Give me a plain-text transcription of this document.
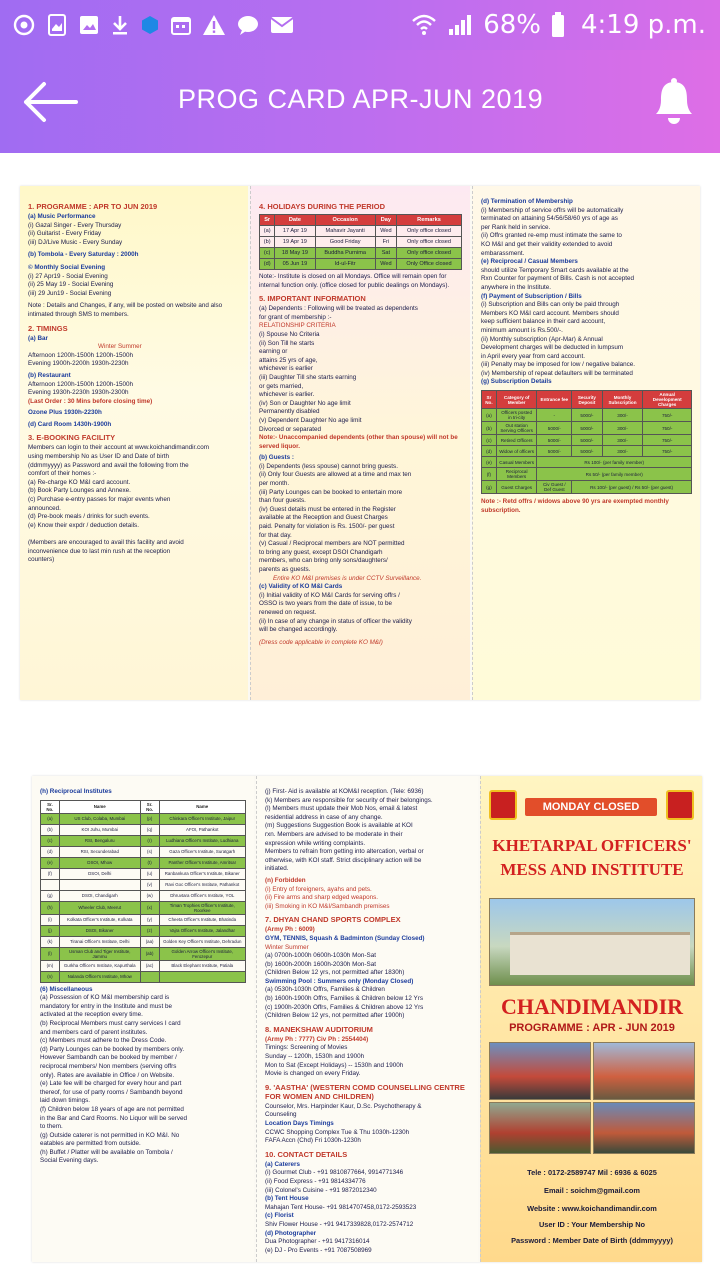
68% 4:19 p.m.
PROG CARD APR-JUN 2019
1. PROGRAMME : APR TO JUN 2019
(a) Music Performance
(i) Gazal Singer - Every Thursday
(ii) Guitarist - Every Friday
(iii) DJ/Live Music - Every Sunday
(b) Tombola - Every Saturday : 2000h
© Monthly Social Evening
(i) 27 Apr19 - Social Evening
(ii) 25 May 19 - Social Evening
(iii) 29 Jun19 - Social Evening
Note : Details and Changes, if any, will be posted on website and also intimated through SMS to members.
2. TIMINGS
(a) Bar
Winter Summer
Afternoon 1200h-1500h 1200h-1500h
Evening 1900h-2200h 1930h-2230h
(b) Restaurant
Afternoon 1200h-1500h 1200h-1500h
Evening 1930h-2230h 1930h-2300h
(Last Order : 30 Mins before closing time)
Ozone Plus 1930h-2230h
(d) Card Room 1430h-1900h
3. E-BOOKING FACILITY
Members can login to their account at www.koichandimandir.com
using membership No as User ID and Date of birth
(ddmmyyyy) as Password and avail the following from the
comfort of their homes :-
(a) Re-charge KO M&I card account.
(b) Book Party Lounges and Annexe.
(c) Purchase e-entry passes for major events when
announced.
(d) Pre-book meals / drinks for such events.
(e) Know their expdr / deduction details.

(Members are encouraged to avail this facility and avoid
inconvenience due to last min rush at the reception
counters)
4. HOLIDAYS DURING THE PERIOD
Sr	Date	Occasion	Day	Remarks
(a)	17 Apr 19	Mahavir Jayanti	Wed	Only office closed
(b)	19 Apr 19	Good Friday	Fri	Only office closed
(c)	18 May 19	Buddha Purnima	Sat	Only office closed
(d)	05 Jun 19	Id-ul-Fitr	Wed	Only Office closed
Note:- Institute is closed on all Mondays. Office will remain open for internal function only. (office closed for public dealings on Mondays).
5. IMPORTANT INFORMATION
(a) Dependents : Following will be treated as dependents
for grant of membership :-
RELATIONSHIP CRITERIA
(i) Spouse No Criteria
(ii) Son Till he starts
earning or
attains 25 yrs of age,
whichever is earlier
(iii) Daughter Till she starts earning
or gets married,
whichever is earlier.
(iv) Son or Daughter No age limit
Permanently disabled
(v) Dependent Daughter No age limit
Divorced or separated
Note:- Unaccompanied dependents (other than spouse) will not be served liquor.
(b) Guests :
(i) Dependents (less spouse) cannot bring guests.
(ii) Only four Guests are allowed at a time and max ten
per month.
(iii) Party Lounges can be booked to entertain more
than four guests.
(iv) Guest details must be entered in the Register
available at the Reception and Guest Charges
paid. Penalty for violation is Rs. 1500/- per guest
for that day.
(v) Casual / Reciprocal members are NOT permitted
to bring any guest, except DSOI Chandigarh
members, who can bring only sons/daughters/
parents as guests.
Entire KO M&I premises is under CCTV Surveillance.
(c) Validity of KO M&I Cards
(i) Initial validity of KO M&I Cards for serving offrs /
OSSO is two years from the date of issue, to be
renewed on request.
(ii) In case of any change in status of officer the validity
will be changed accordingly.
(Dress code applicable in complete KO M&I)
(d) Termination of Membership
(i) Membership of service offrs will be automatically
terminated on attaining 54/56/58/60 yrs of age as
per Rank held in service.
(ii) Offrs granted re-emp must intimate the same to
KO M&I and get their validity extended to avoid
embarassment.
(e) Reciprocal / Casual Members
should utilize Temporary Smart cards available at the
Rxn Counter for payment of Bills. Cash is not accepted
anywhere in the Institute.
(f) Payment of Subscription / Bills
(i) Subscription and Bills can only be paid through
Members KO M&I card account. Members should
keep sufficient balance in their card account,
minimum amount is Rs.500/-.
(ii) Monthly subscription (Apr-Mar) & Annual
Development charges will be deducted in lumpsum
in April every year from card account.
(iii) Penalty may be imposed for low / negative balance.
(iv) Membership of repeat defaulters will be terminated
(g) Subscription Details
Sr No.	Category of Member	Entrance fee	Security Deposit	Monthly Subscription	Annual Development Charges
(a)	Officers posted in tri-city	-	5000/-	300/-	750/-
(b)	Out station Serving Officers	5000/-	5000/-	300/-	750/-
(c)	Retired Officers	5000/-	5000/-	300/-	750/-
(d)	Widow of officers	5000/-	5000/-	300/-	750/-
(e)	Casual Members	Rs 100/- (per family member)			
(f)	Reciprocal Members	Rs 50/- (per family member)			
(g)	Guest Charges	Civ Guest / Def Guest	Rs 100/- (per guest) / Rs 50/- (per guest)		
Note :- Retd offrs / widows above 90 yrs are exempted monthly subscription.
(h) Reciprocal Institutes
Sr. No.	Name	Sr. No.	Name
(a)	US Club, Colaba, Mumbai	(p)	Chinkara Officer's Institute, Jaipur
(b)	KOI Juhu, Mumbai	(q)	AFOI, Pathankot
(c)	RSI, Bengaluru	(r)	Ludhiana Officer's Institute, Ludhiana
(d)	RSI, Secunderabad	(s)	Gaza Officer's Institute, Suratgarh
(e)	DSOI, Mhow	(t)	Panther Officer's Institute, Amritsar
(f)	DSOI, Delhi	(u)	Ranbankura Officer's Institute, Bikaner
		(v)	Ravi Goc Officer's Institute, Pathankot
(g)	DSOI, Chandigarh	(w)	Dhruvtara Officer's Institute, YOL
(h)	Wheeler Club, Meerut	(x)	Timan Trophies Officer's Institute, Roorkee
(i)	Kolkata Officer's Institute, Kolkata	(y)	Cheeta Officer's Institute, Bhatinda
(j)	DSOI, Bikaner	(z)	Vajra Officer's Institute, Jalandhar
(k)	Tiranai Officer's Institute, Delhi	(aa)	Golden Key Officer's Institute, Dehradun
(l)	Usman Club and Tiger Institute, Jammu	(ab)	Golden Arrow Officer's Institute, Ferozepur
(m)	Gurkha Officer's Institute, Kapurthala	(ac)	Black Elephant Institute, Patiala
(n)	Nalanda Officer's Institute, Mhow		
(6) Miscellaneous
(a) Possession of KO M&I membership card is
mandatory for entry in the Institute and must be
activated at the reception every time.
(b) Reciprocal Members must carry services I card
and members card of parent institutes.
(c) Members must adhere to the Dress Code.
(d) Party Lounges can be booked by members only.
However Sambandh can be booked by member /
reciprocal members/ Non members (serving offrs
only). Rates are available in Office / on Website.
(e) Late fee will be charged for every hour and part
thereof, for use of party rooms / Sambandh beyond
laid down timings.
(f) Children below 18 years of age are not permitted
in the Bar and Card Rooms. No Liquor will be served
to them.
(g) Outside caterer is not permitted in KO M&I. No
eatables are permitted from outside.
(h) Buffet / Platter will be available on Tombola /
Social Evening days.
(j) First- Aid is available at KOM&I reception. (Tele: 6936)
(k) Members are responsible for security of their belongings.
(l) Members must update their Mob Nos, email & latest
residential address in case of any change.
(m) Suggestions Suggestion Book is available at KOI
rxn. Members are advised to be moderate in their
expression while writing complaints.
Members to refrain from getting into altercation, verbal or
otherwise, with KOI staff. Strict disciplinary action will be
initiated.
(n) Forbidden
(i) Entry of foreigners, ayahs and pets.
(ii) Fire arms and sharp edged weapons.
(iii) Smoking in KO M&I/Sambandh premises
7. DHYAN CHAND SPORTS COMPLEX
(Army Ph : 6009)
GYM, TENNIS, Squash & Badminton (Sunday Closed)
Winter Summer
(a) 0700h-1000h 0600h-1030h Mon-Sat
(b) 1600h-2000h 1600h-2030h Mon-Sat
(Children Below 12 yrs, not permitted after 1830h)
Swimming Pool : Summers only (Monday Closed)
(a) 0530h-1030h Offrs, Families & Children
(b) 1600h-1900h Offrs, Families & Children below 12 Yrs
(c) 1900h-2030h Offrs, Families & Children above 12 Yrs
(Children Below 12 yrs, not permitted after 1900h)
8. MANEKSHAW AUDITORIUM
(Army Ph : 7777) Civ Ph : 2554404)
Timings: Screening of Movies
Sunday -- 1200h, 1530h and 1900h
Mon to Sat (Except Holidays) -- 1530h and 1900h
Movie is changed on every Friday.
9. 'AASTHA' (WESTERN COMD COUNSELLING CENTRE FOR WOMEN AND CHILDREN)
Counselor, Mrs. Harpinder Kaur, D.Sc. Psychotherapy &
Counseling
Location Days Timings
CCWC Shopping Complex Tue & Thu 1030h-1230h
FAFA Accn (Chd) Fri 1030h-1230h
10. CONTACT DETAILS
(a) Caterers
(i) Gourmet Club - +91 9810877664, 9914771346
(ii) Food Express - +91 9814334776
(iii) Colonel's Cuisine - +91 9872012340
(b) Tent House
Mahajan Tent House- +91 9814707458,0172-2593523
(c) Florist
Shiv Flower House - +91 9417339828,0172-2574712
(d) Photographer
Dua Photographer - +91 9417316014
(e) DJ - Pro Events - +91 7087508969
MONDAY CLOSED
KHETARPAL OFFICERS' MESS AND INSTITUTE
CHANDIMANDIR
PROGRAMME : APR - JUN 2019
Tele : 0172-2589747 Mil : 6936 & 6025
Email : soichm@gmail.com
Website : www.koichandimandir.com
User ID : Your Membership No
Password : Member Date of Birth (ddmmyyyy)
